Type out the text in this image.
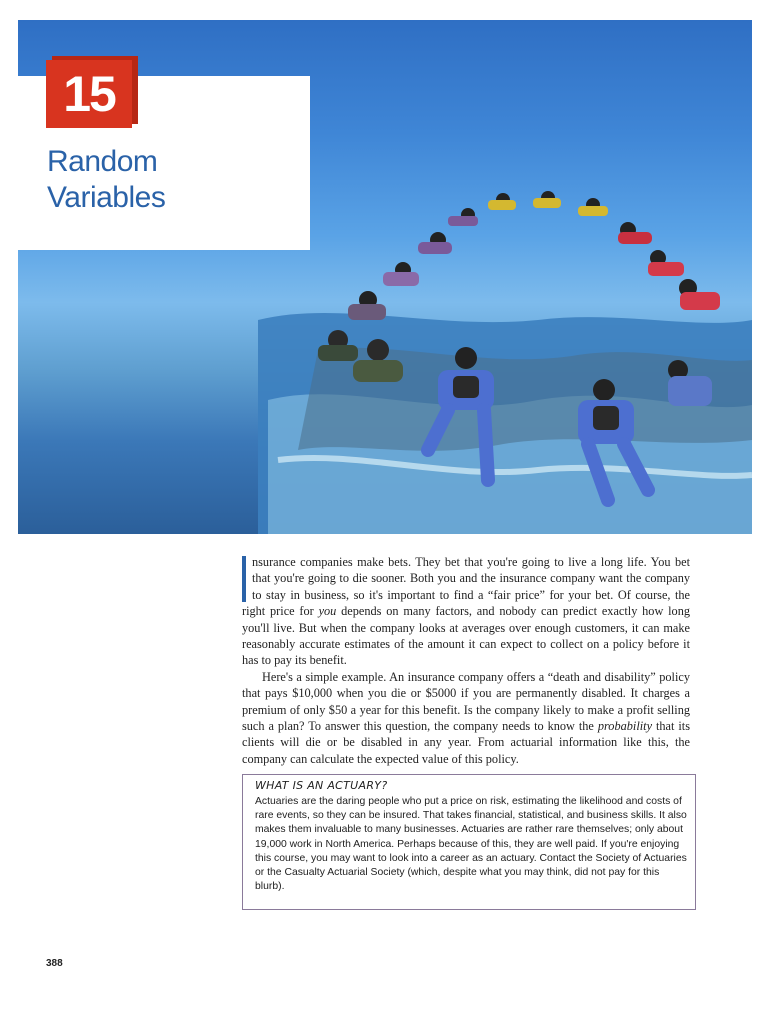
15
Random
Variables

nsurance companies make bets. They bet that you're going to live a long life. You bet that you're going to die sooner. Both you and the insurance company want the company to stay in business, so it's important to find a “fair price” for your bet. Of course, the right price for you depends on many factors, and nobody can predict exactly how long you'll live. But when the company looks at averages over enough customers, it can make reasonably accurate estimates of the amount it can expect to collect on a policy before it has to pay its benefit.

Here's a simple example. An insurance company offers a “death and disability” policy that pays $10,000 when you die or $5000 if you are permanently disabled. It charges a premium of only $50 a year for this benefit. Is the company likely to make a profit selling such a plan? To answer this question, the company needs to know the probability that its clients will die or be disabled in any year. From actuarial information like this, the company can calculate the expected value of this policy.

WHAT IS AN ACTUARY?

Actuaries are the daring people who put a price on risk, estimating the likelihood and costs of rare events, so they can be insured. That takes financial, statistical, and business skills. It also makes them invaluable to many businesses. Actuaries are rather rare themselves; only about 19,000 work in North America. Perhaps because of this, they are well paid. If you're enjoying this course, you may want to look into a career as an actuary. Contact the Society of Actuaries or the Casualty Actuarial Society (which, despite what you may think, did not pay for this blurb).

388
